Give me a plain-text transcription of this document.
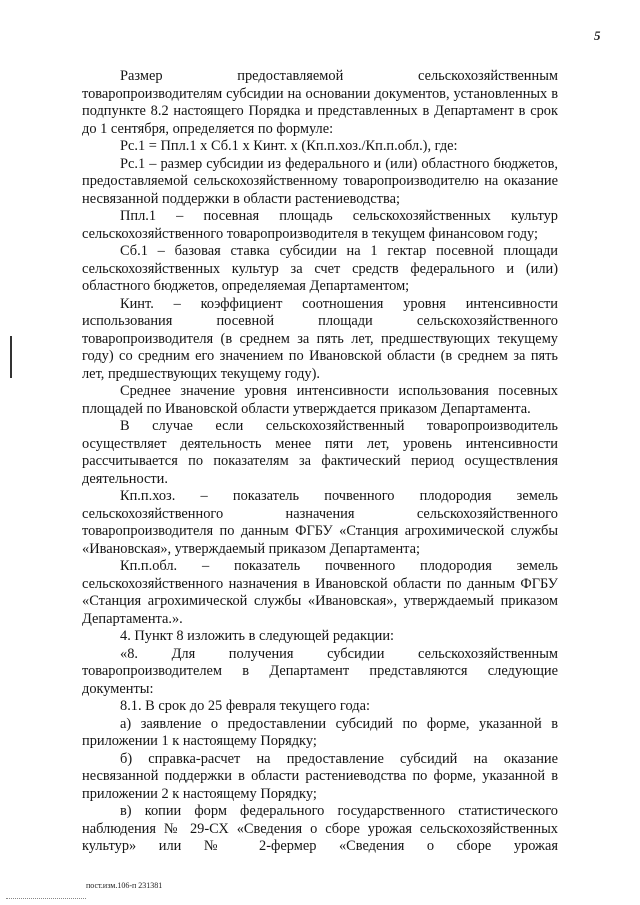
5

Размер предоставляемой сельскохозяйственным товаропроизводителям субсидии на основании документов, установленных в подпункте 8.2 настоящего Порядка и представленных в Департамент в срок до 1 сентября, определяется по формуле:

Рс.1 = Ппл.1 х Сб.1 х Кинт. х (Кп.п.хоз./Кп.п.обл.), где:

Рс.1 – размер субсидии из федерального и (или) областного бюджетов, предоставляемой сельскохозяйственному товаропроизводителю на оказание несвязанной поддержки в области растениеводства;

Ппл.1 – посевная площадь сельскохозяйственных культур сельскохозяйственного товаропроизводителя в текущем финансовом году;

Сб.1 – базовая ставка субсидии на 1 гектар посевной площади сельскохозяйственных культур за счет средств федерального и (или) областного бюджетов, определяемая Департаментом;

Кинт. – коэффициент соотношения уровня интенсивности использования посевной площади сельскохозяйственного товаропроизводителя (в среднем за пять лет, предшествующих текущему году) со средним его значением по Ивановской области (в среднем за пять лет, предшествующих текущему году).

Среднее значение уровня интенсивности использования посевных площадей по Ивановской области утверждается приказом Департамента.

В случае если сельскохозяйственный товаропроизводитель осуществляет деятельность менее пяти лет, уровень интенсивности рассчитывается по показателям за фактический период осуществления деятельности.

Кп.п.хоз. – показатель почвенного плодородия земель сельскохозяйственного назначения сельскохозяйственного товаропроизводителя по данным ФГБУ «Станция агрохимической службы «Ивановская», утверждаемый приказом Департамента;

Кп.п.обл. – показатель почвенного плодородия земель сельскохозяйственного назначения в Ивановской области по данным ФГБУ «Станция агрохимической службы «Ивановская», утверждаемый приказом Департамента.».

4. Пункт 8 изложить в следующей редакции:

«8. Для получения субсидии сельскохозяйственным товаропроизводителем в Департамент представляются следующие документы:

8.1. В срок до 25 февраля текущего года:

а) заявление о предоставлении субсидий по форме, указанной в приложении 1 к настоящему Порядку;

б) справка-расчет на предоставление субсидий на оказание несвязанной поддержки в области растениеводства по форме, указанной в приложении 2 к настоящему Порядку;

в) копии форм федерального государственного статистического наблюдения № 29-СХ «Сведения о сборе урожая сельскохозяйственных культур» или № 2-фермер «Сведения о сборе урожая

пост.изм.106-п 231381
